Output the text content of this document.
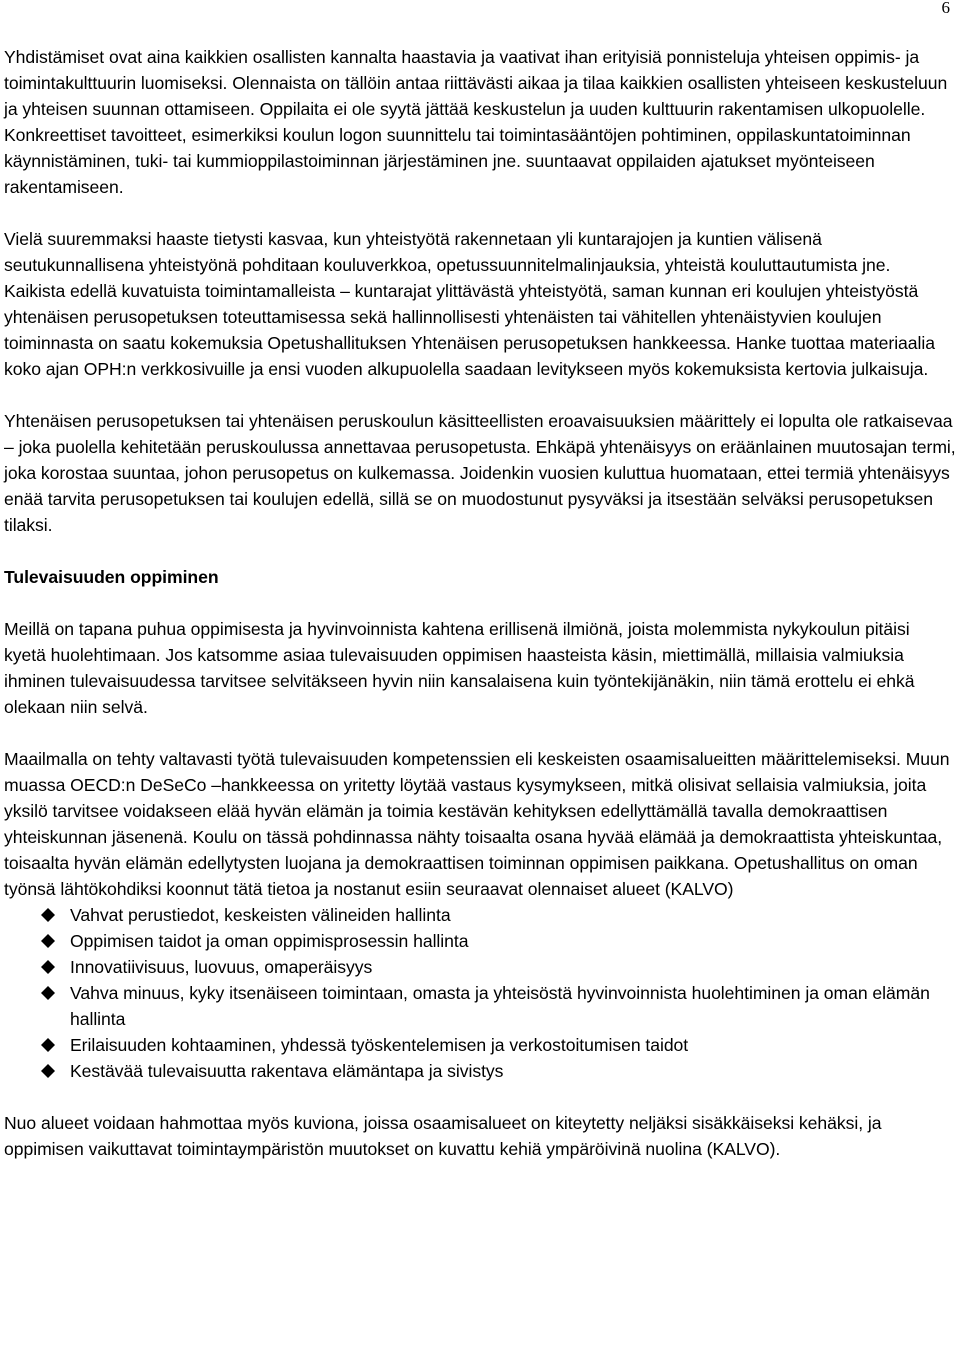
6

Yhdistämiset ovat aina kaikkien osallisten kannalta haastavia ja vaativat ihan erityisiä ponnisteluja yhteisen oppimis- ja toimintakulttuurin luomiseksi. Olennaista on tällöin antaa riittävästi aikaa ja tilaa kaikkien osallisten yhteiseen keskusteluun ja yhteisen suunnan ottamiseen. Oppilaita ei ole syytä jättää keskustelun ja uuden kulttuurin rakentamisen ulkopuolelle. Konkreettiset tavoitteet, esimerkiksi koulun logon suunnittelu tai toimintasääntöjen pohtiminen, oppilaskuntatoiminnan käynnistäminen, tuki- tai kummioppilastoiminnan järjestäminen jne. suuntaavat oppilaiden ajatukset myönteiseen rakentamiseen.

Vielä suuremmaksi haaste tietysti kasvaa, kun yhteistyötä rakennetaan yli kuntarajojen ja kuntien välisenä seutukunnallisena yhteistyönä pohditaan kouluverkkoa, opetussuunnitelmalinjauksia, yhteistä kouluttautumista jne. Kaikista edellä kuvatuista toimintamalleista – kuntarajat ylittävästä yhteistyötä, saman kunnan eri koulujen yhteistyöstä yhtenäisen perusopetuksen toteuttamisessa sekä hallinnollisesti yhtenäisten tai vähitellen yhtenäistyvien koulujen toiminnasta on saatu kokemuksia Opetushallituksen Yhtenäisen perusopetuksen hankkeessa. Hanke tuottaa materiaalia koko ajan OPH:n verkkosivuille ja ensi vuoden alkupuolella saadaan levitykseen myös kokemuksista kertovia julkaisuja.

Yhtenäisen perusopetuksen tai yhtenäisen peruskoulun käsitteellisten eroavaisuuksien määrittely ei lopulta ole ratkaisevaa – joka puolella kehitetään peruskoulussa annettavaa perusopetusta. Ehkäpä yhtenäisyys on eräänlainen muutosajan termi, joka korostaa suuntaa, johon perusopetus on kulkemassa. Joidenkin vuosien kuluttua huomataan, ettei termiä yhtenäisyys enää tarvita perusopetuksen tai koulujen edellä, sillä se on muodostunut pysyväksi ja itsestään selväksi perusopetuksen tilaksi.

Tulevaisuuden oppiminen

Meillä on tapana puhua oppimisesta ja hyvinvoinnista kahtena erillisenä ilmiönä, joista molemmista nykykoulun pitäisi kyetä huolehtimaan. Jos katsomme asiaa tulevaisuuden oppimisen haasteista käsin, miettimällä, millaisia valmiuksia ihminen tulevaisuudessa tarvitsee selvitäkseen hyvin niin kansalaisena kuin työntekijänäkin, niin tämä erottelu ei ehkä olekaan niin selvä.

Maailmalla on tehty valtavasti työtä tulevaisuuden kompetenssien eli keskeisten osaamisalueitten määrittelemiseksi. Muun muassa OECD:n DeSeCo –hankkeessa on yritetty löytää vastaus kysymykseen, mitkä olisivat sellaisia valmiuksia, joita yksilö tarvitsee voidakseen elää hyvän elämän ja toimia kestävän kehityksen edellyttämällä tavalla demokraattisen yhteiskunnan jäsenenä. Koulu on tässä pohdinnassa nähty toisaalta osana hyvää elämää ja demokraattista yhteiskuntaa, toisaalta hyvän elämän edellytysten luojana ja demokraattisen toiminnan oppimisen paikkana. Opetushallitus on oman työnsä lähtökohdiksi koonnut tätä tietoa ja nostanut esiin seuraavat olennaiset alueet (KALVO)

Vahvat perustiedot, keskeisten välineiden hallinta
Oppimisen taidot ja oman oppimisprosessin hallinta
Innovatiivisuus, luovuus, omaperäisyys
Vahva minuus, kyky itsenäiseen toimintaan, omasta ja yhteisöstä hyvinvoinnista huolehtiminen ja oman elämän hallinta
Erilaisuuden kohtaaminen, yhdessä työskentelemisen ja verkostoitumisen taidot
Kestävää tulevaisuutta rakentava elämäntapa ja sivistys

Nuo alueet voidaan hahmottaa myös kuviona, joissa osaamisalueet on kiteytetty neljäksi sisäkkäiseksi kehäksi, ja oppimisen vaikuttavat toimintaympäristön muutokset on kuvattu kehiä ympäröivinä nuolina (KALVO).
